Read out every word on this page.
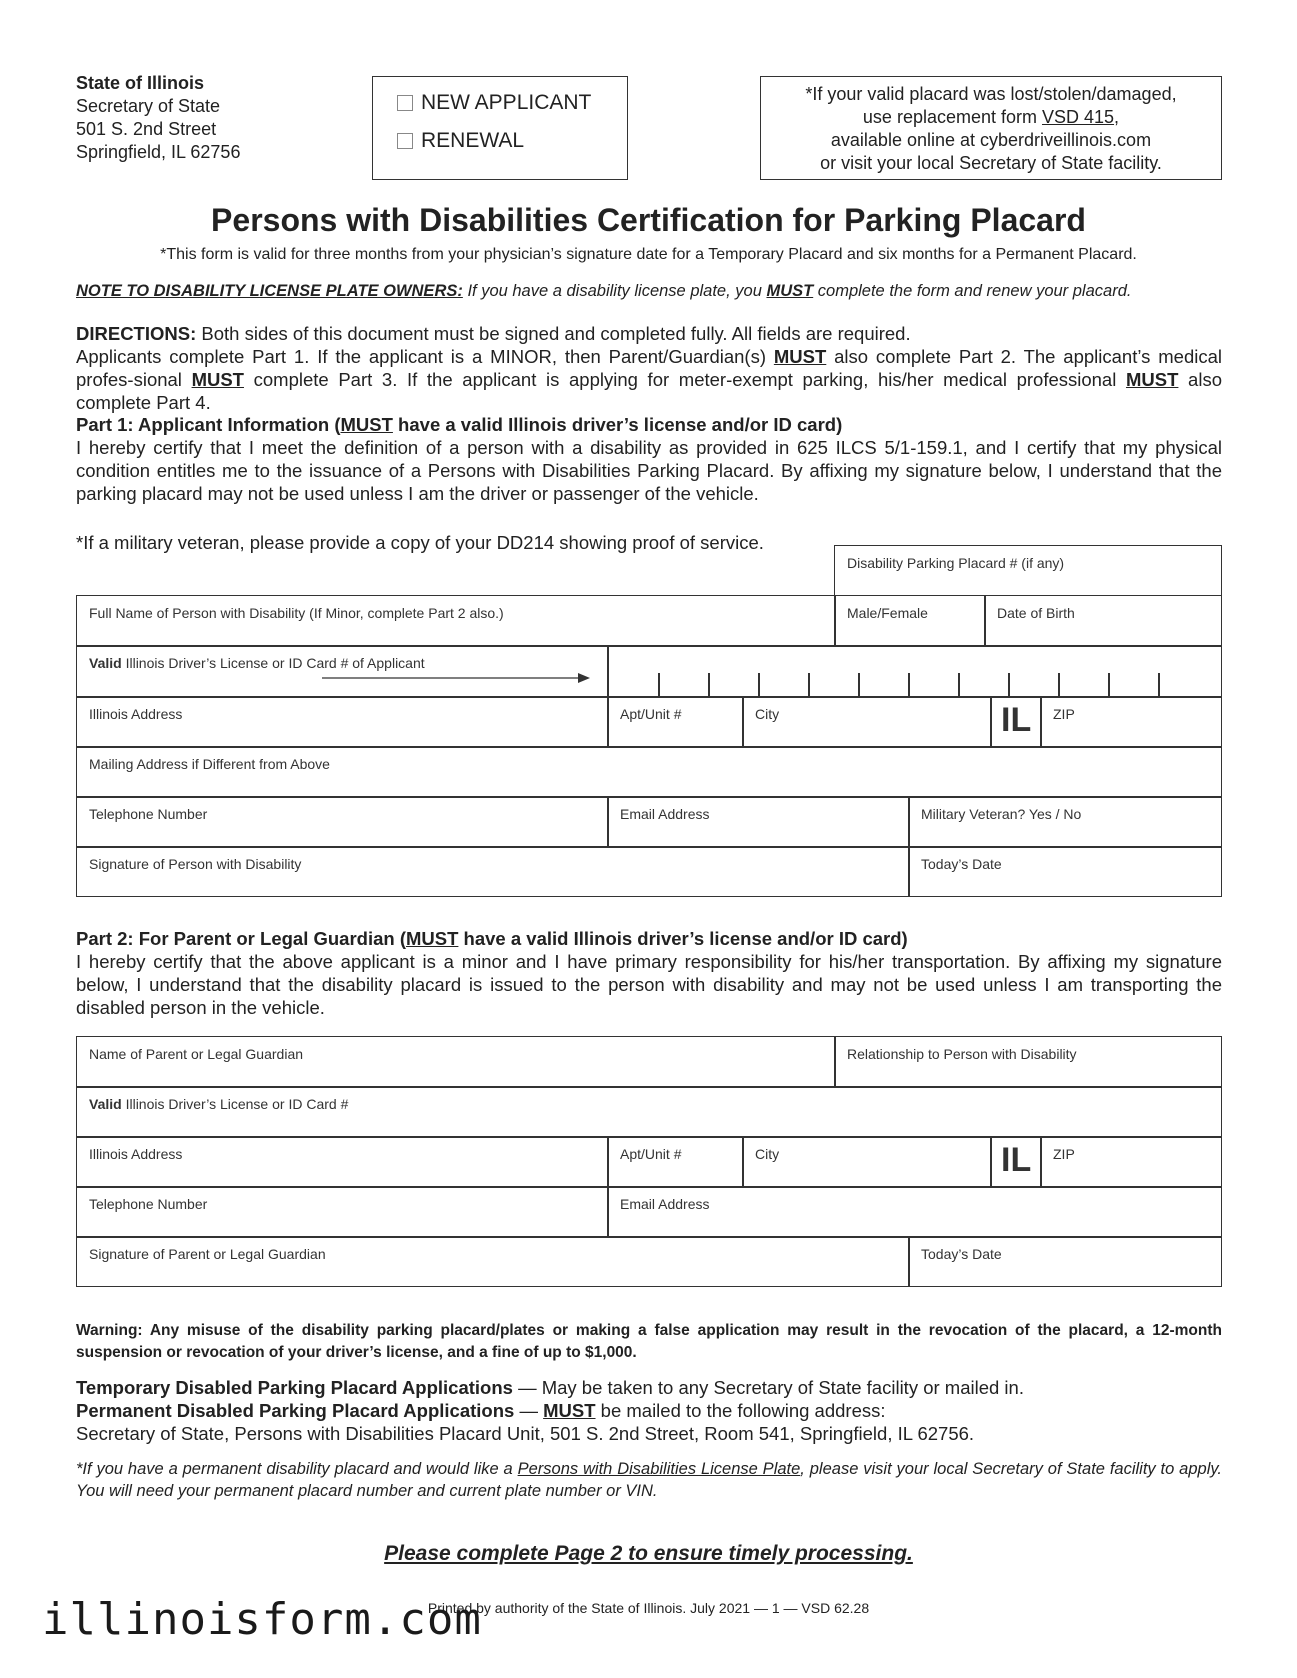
State of Illinois
Secretary of State
501 S. 2nd Street
Springfield, IL 62756
NEW APPLICANT
RENEWAL
*If your valid placard was lost/stolen/damaged,
use replacement form VSD 415,
available online at cyberdriveillinois.com
or visit your local Secretary of State facility.
Persons with Disabilities Certification for Parking Placard
*This form is valid for three months from your physician’s signature date for a Temporary Placard and six months for a Permanent Placard.
NOTE TO DISABILITY LICENSE PLATE OWNERS: If you have a disability license plate, you MUST complete the form and renew your placard.
DIRECTIONS: Both sides of this document must be signed and completed fully. All fields are required.
Applicants complete Part 1. If the applicant is a MINOR, then Parent/Guardian(s) MUST also complete Part 2. The applicant’s medical profes-sional MUST complete Part 3. If the applicant is applying for meter-exempt parking, his/her medical professional MUST also complete Part 4.
Part 1: Applicant Information (MUST have a valid Illinois driver’s license and/or ID card)
I hereby certify that I meet the definition of a person with a disability as provided in 625 ILCS 5/1-159.1, and I certify that my physical condition entitles me to the issuance of a Persons with Disabilities Parking Placard. By affixing my signature below, I understand that the parking placard may not be used unless I am the driver or passenger of the vehicle.
*If a military veteran, please provide a copy of your DD214 showing proof of service.
Disability Parking Placard # (if any)
Full Name of Person with Disability (If Minor, complete Part 2 also.)	Male/Female	Date of Birth
Valid Illinois Driver’s License or ID Card # of Applicant
Illinois Address	Apt/Unit #	City	IL	ZIP
Mailing Address if Different from Above
Telephone Number	Email Address	Military Veteran? Yes / No
Signature of Person with Disability	Today’s Date
Part 2: For Parent or Legal Guardian (MUST have a valid Illinois driver’s license and/or ID card)
I hereby certify that the above applicant is a minor and I have primary responsibility for his/her transportation. By affixing my signature below, I understand that the disability placard is issued to the person with disability and may not be used unless I am transporting the disabled person in the vehicle.
Name of Parent or Legal Guardian	Relationship to Person with Disability
Valid Illinois Driver’s License or ID Card #
Illinois Address	Apt/Unit #	City	IL	ZIP
Telephone Number	Email Address
Signature of Parent or Legal Guardian	Today’s Date
Warning: Any misuse of the disability parking placard/plates or making a false application may result in the revocation of the placard, a 12-month suspension or revocation of your driver’s license, and a fine of up to $1,000.
Temporary Disabled Parking Placard Applications — May be taken to any Secretary of State facility or mailed in.
Permanent Disabled Parking Placard Applications — MUST be mailed to the following address:
Secretary of State, Persons with Disabilities Placard Unit, 501 S. 2nd Street, Room 541, Springfield, IL 62756.
*If you have a permanent disability placard and would like a Persons with Disabilities License Plate, please visit your local Secretary of State facility to apply. You will need your permanent placard number and current plate number or VIN.
Please complete Page 2 to ensure timely processing.
Printed by authority of the State of Illinois. July 2021 — 1 — VSD 62.28
illinoisform.com
